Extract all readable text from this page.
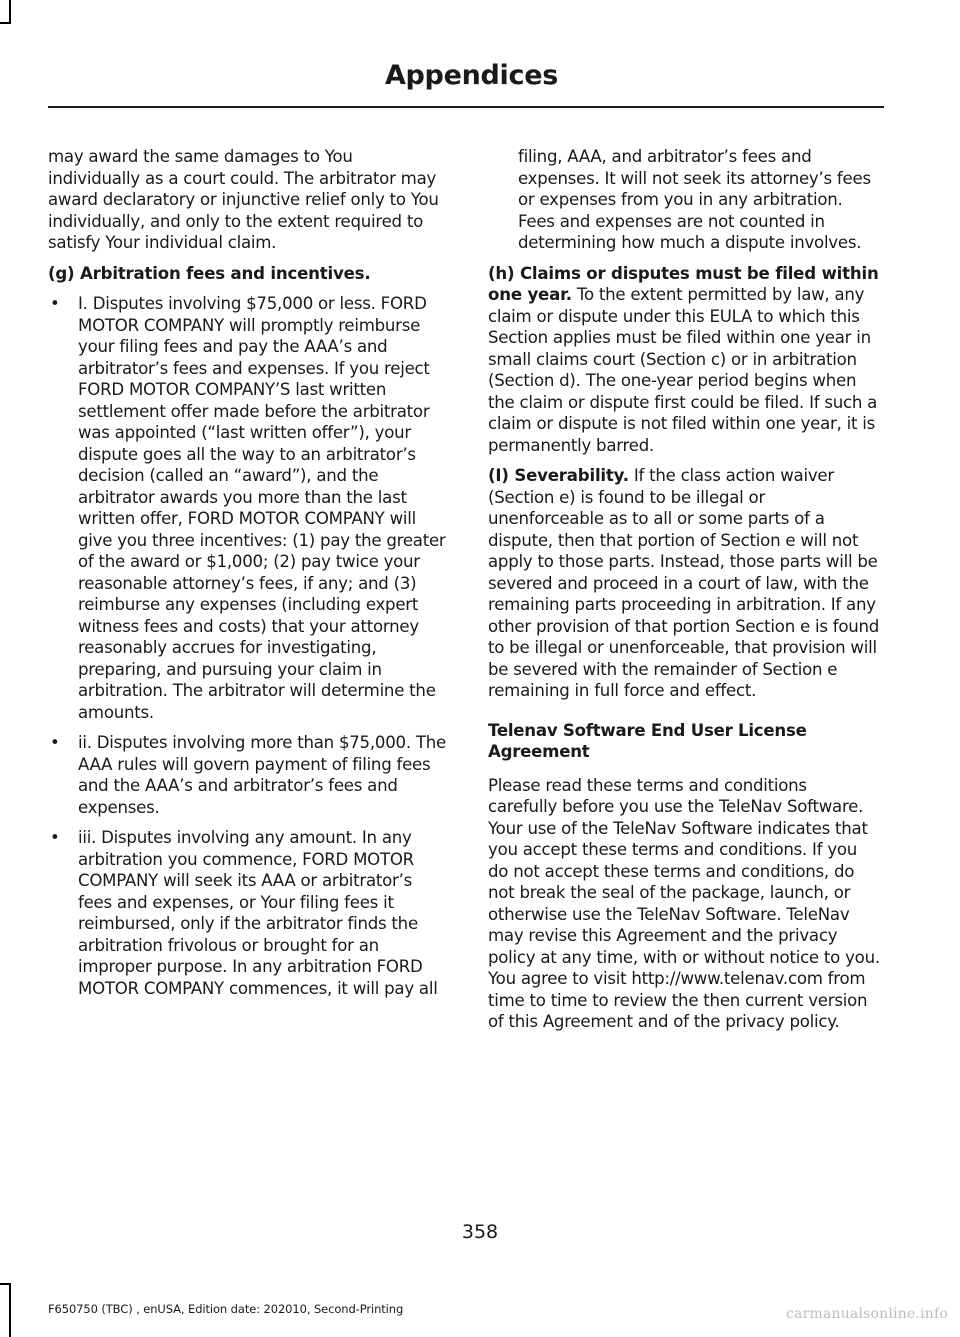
Appendices

may award the same damages to You individually as a court could. The arbitrator may award declaratory or injunctive relief only to You individually, and only to the extent required to satisfy Your individual claim.

(g) Arbitration fees and incentives.

• I. Disputes involving $75,000 or less. FORD MOTOR COMPANY will promptly reimburse your filing fees and pay the AAA’s and arbitrator’s fees and expenses. If you reject FORD MOTOR COMPANY’S last written settlement offer made before the arbitrator was appointed (“last written offer”), your dispute goes all the way to an arbitrator’s decision (called an “award”), and the arbitrator awards you more than the last written offer, FORD MOTOR COMPANY will give you three incentives: (1) pay the greater of the award or $1,000; (2) pay twice your reasonable attorney’s fees, if any; and (3) reimburse any expenses (including expert witness fees and costs) that your attorney reasonably accrues for investigating, preparing, and pursuing your claim in arbitration. The arbitrator will determine the amounts.
• ii. Disputes involving more than $75,000. The AAA rules will govern payment of filing fees and the AAA’s and arbitrator’s fees and expenses.
• iii. Disputes involving any amount. In any arbitration you commence, FORD MOTOR COMPANY will seek its AAA or arbitrator’s fees and expenses, or Your filing fees it reimbursed, only if the arbitrator finds the arbitration frivolous or brought for an improper purpose. In any arbitration FORD MOTOR COMPANY commences, it will pay all

filing, AAA, and arbitrator’s fees and expenses. It will not seek its attorney’s fees or expenses from you in any arbitration. Fees and expenses are not counted in determining how much a dispute involves.

(h) Claims or disputes must be filed within one year. To the extent permitted by law, any claim or dispute under this EULA to which this Section applies must be filed within one year in small claims court (Section c) or in arbitration (Section d). The one-year period begins when the claim or dispute first could be filed. If such a claim or dispute is not filed within one year, it is permanently barred.

(I) Severability. If the class action waiver (Section e) is found to be illegal or unenforceable as to all or some parts of a dispute, then that portion of Section e will not apply to those parts. Instead, those parts will be severed and proceed in a court of law, with the remaining parts proceeding in arbitration. If any other provision of that portion Section e is found to be illegal or unenforceable, that provision will be severed with the remainder of Section e remaining in full force and effect.

Telenav Software End User License Agreement

Please read these terms and conditions carefully before you use the TeleNav Software. Your use of the TeleNav Software indicates that you accept these terms and conditions. If you do not accept these terms and conditions, do not break the seal of the package, launch, or otherwise use the TeleNav Software. TeleNav may revise this Agreement and the privacy policy at any time, with or without notice to you. You agree to visit http://www.telenav.com from time to time to review the then current version of this Agreement and of the privacy policy.

358
F650750 (TBC) , enUSA, Edition date: 202010, Second-Printing	carmanualsonline.info
